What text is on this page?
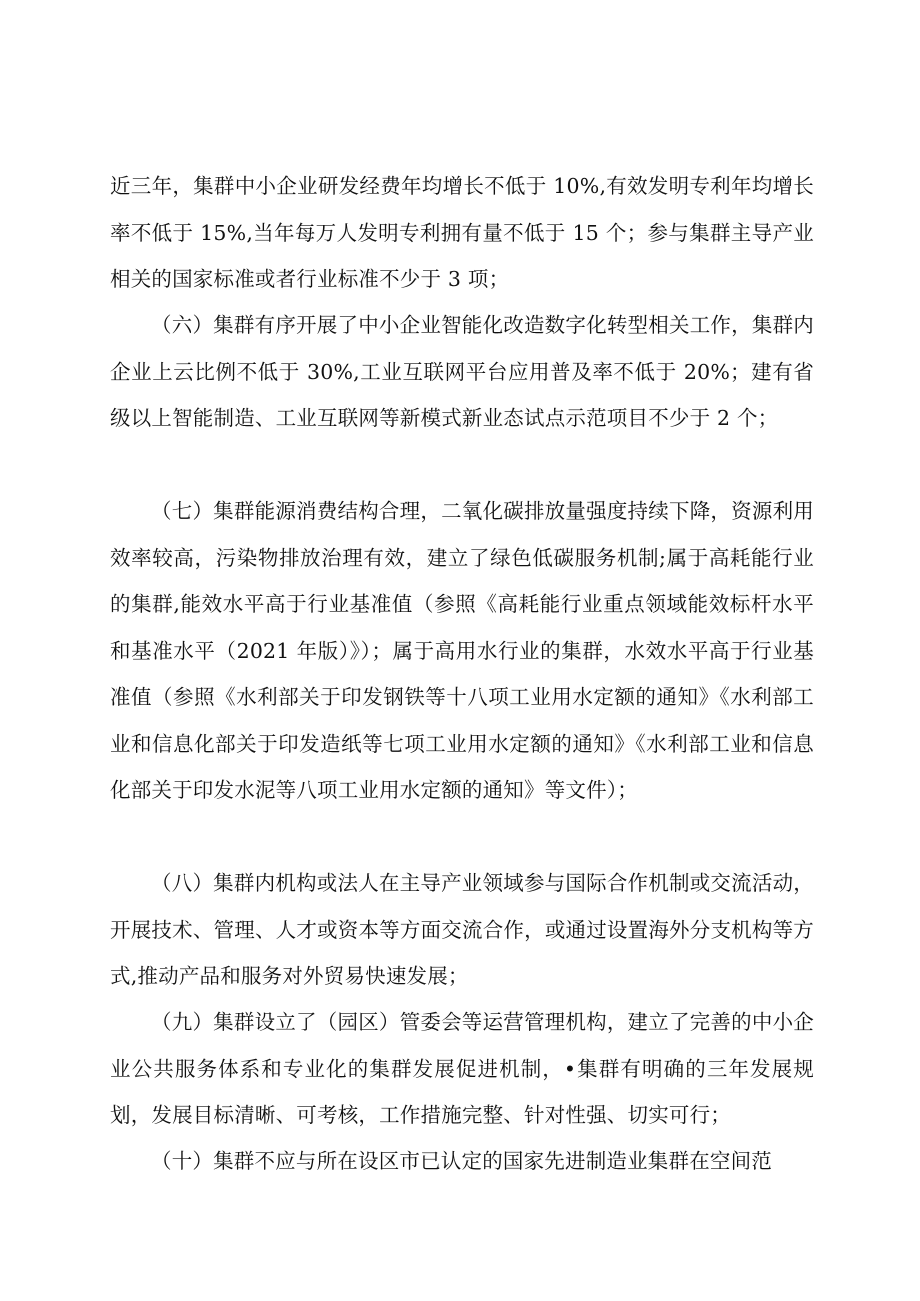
近三年，集群中小企业研发经费年均增长不低于 10%,有效发明专利年均增长率不低于 15%,当年每万人发明专利拥有量不低于 15 个；参与集群主导产业相关的国家标准或者行业标准不少于 3 项；

（六）集群有序开展了中小企业智能化改造数字化转型相关工作，集群内企业上云比例不低于 30%,工业互联网平台应用普及率不低于 20%；建有省级以上智能制造、工业互联网等新模式新业态试点示范项目不少于 2 个；

（七）集群能源消费结构合理，二氧化碳排放量强度持续下降，资源利用效率较高，污染物排放治理有效，建立了绿色低碳服务机制;属于高耗能行业的集群,能效水平高于行业基准值（参照《高耗能行业重点领域能效标杆水平和基准水平（2021 年版）》）；属于高用水行业的集群，水效水平高于行业基准值（参照《水利部关于印发钢铁等十八项工业用水定额的通知》《水利部工业和信息化部关于印发造纸等七项工业用水定额的通知》《水利部工业和信息化部关于印发水泥等八项工业用水定额的通知》等文件）；

（八）集群内机构或法人在主导产业领域参与国际合作机制或交流活动，开展技术、管理、人才或资本等方面交流合作，或通过设置海外分支机构等方式,推动产品和服务对外贸易快速发展；

（九）集群设立了（园区）管委会等运营管理机构，建立了完善的中小企业公共服务体系和专业化的集群发展促进机制，•集群有明确的三年发展规划，发展目标清晰、可考核，工作措施完整、针对性强、切实可行；

（十）集群不应与所在设区市已认定的国家先进制造业集群在空间范
